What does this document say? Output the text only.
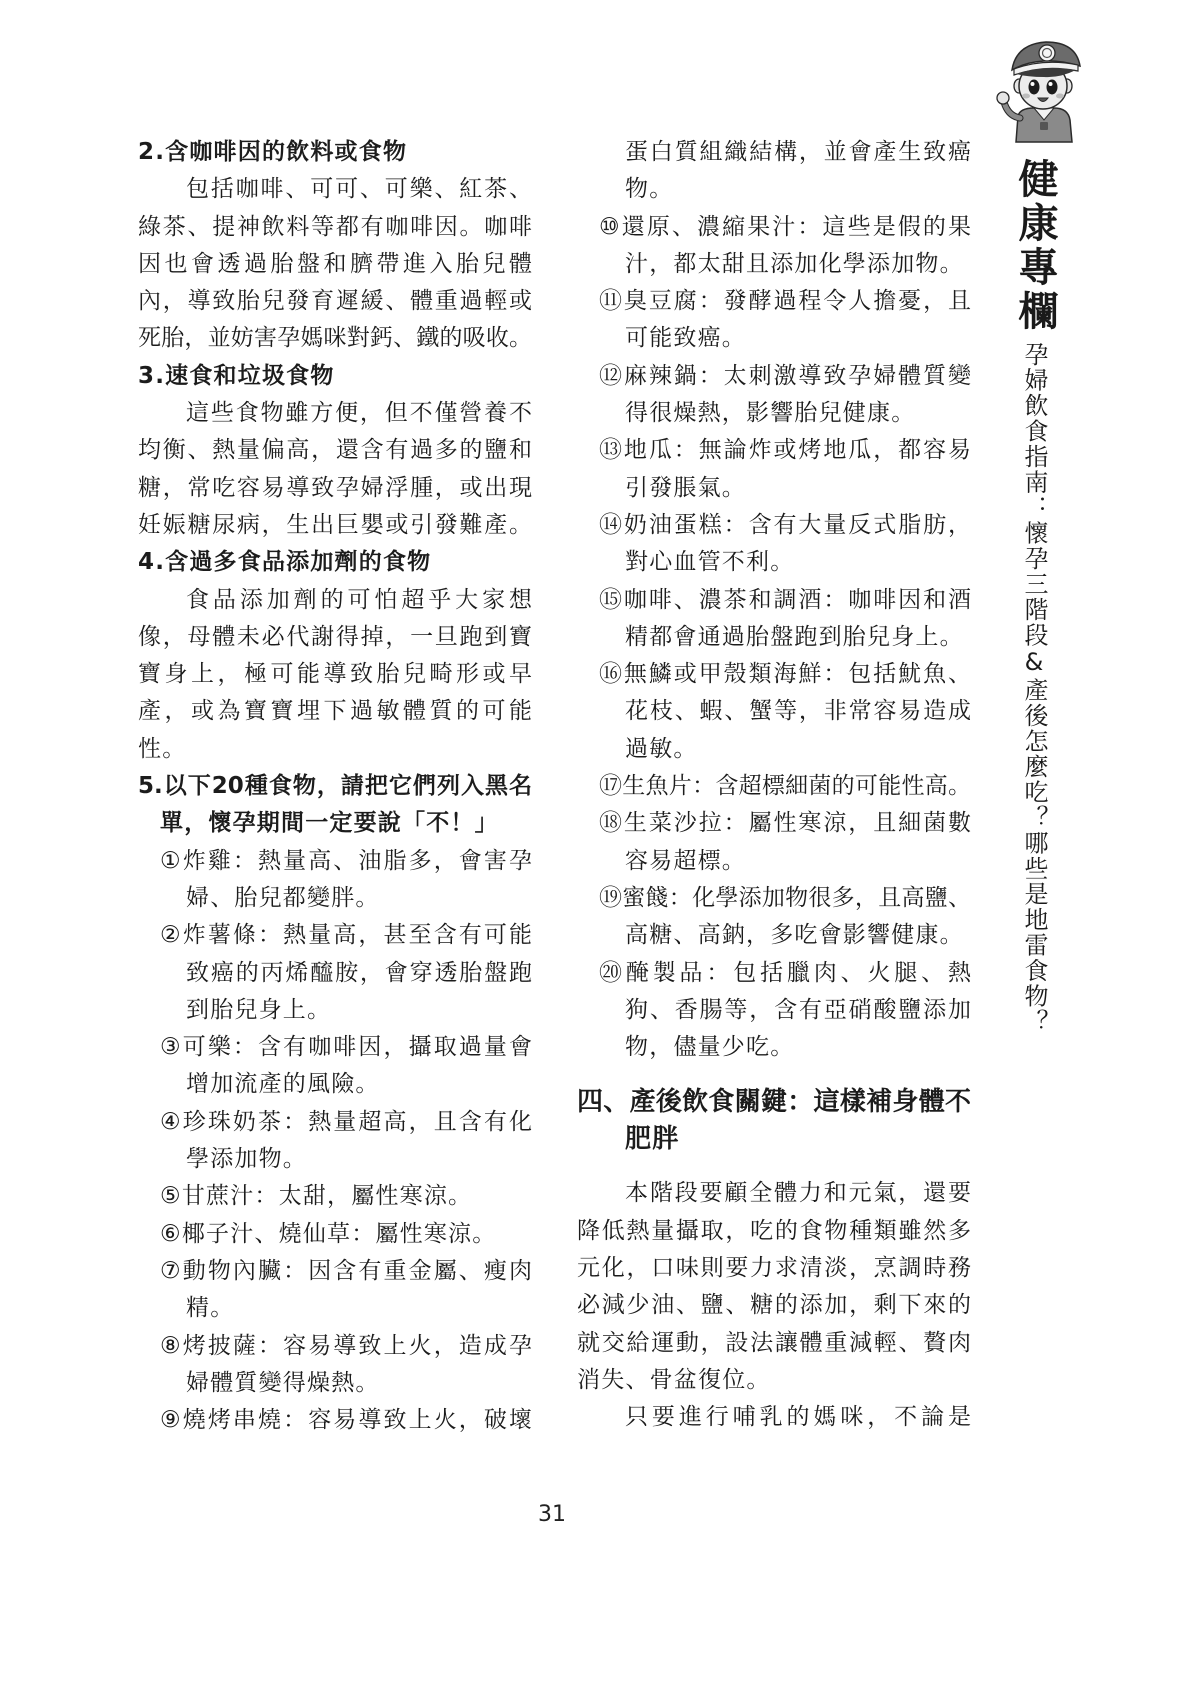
2.含咖啡因的飲料或食物
包括咖啡、可可、可樂、紅茶、
綠茶、提神飲料等都有咖啡因。咖啡
因也會透過胎盤和臍帶進入胎兒體
內，導致胎兒發育遲緩、體重過輕或
死胎，並妨害孕媽咪對鈣、鐵的吸收。
3.速食和垃圾食物
這些食物雖方便，但不僅營養不
均衡、熱量偏高，還含有過多的鹽和
糖，常吃容易導致孕婦浮腫，或出現
妊娠糖尿病，生出巨嬰或引發難產。
4.含過多食品添加劑的食物
食品添加劑的可怕超乎大家想
像，母體未必代謝得掉，一旦跑到寶
寶身上，極可能導致胎兒畸形或早
產，或為寶寶埋下過敏體質的可能
性。
5.以下20種食物，請把它們列入黑名
單，懷孕期間一定要說「不！」
①炸雞：熱量高、油脂多，會害孕
婦、胎兒都變胖。
②炸薯條：熱量高，甚至含有可能
致癌的丙烯醯胺，會穿透胎盤跑
到胎兒身上。
③可樂：含有咖啡因，攝取過量會
增加流產的風險。
④珍珠奶茶：熱量超高，且含有化
學添加物。
⑤甘蔗汁：太甜，屬性寒涼。
⑥椰子汁、燒仙草：屬性寒涼。
⑦動物內臟：因含有重金屬、瘦肉
精。
⑧烤披薩：容易導致上火，造成孕
婦體質變得燥熱。
⑨燒烤串燒：容易導致上火，破壞
蛋白質組織結構，並會產生致癌
物。
⑩還原、濃縮果汁：這些是假的果
汁，都太甜且添加化學添加物。
⑪臭豆腐：發酵過程令人擔憂，且
可能致癌。
⑫麻辣鍋：太刺激導致孕婦體質變
得很燥熱，影響胎兒健康。
⑬地瓜：無論炸或烤地瓜，都容易
引發脹氣。
⑭奶油蛋糕：含有大量反式脂肪，
對心血管不利。
⑮咖啡、濃茶和調酒：咖啡因和酒
精都會通過胎盤跑到胎兒身上。
⑯無鱗或甲殼類海鮮：包括魷魚、
花枝、蝦、蟹等，非常容易造成
過敏。
⑰生魚片：含超標細菌的可能性高。
⑱生菜沙拉：屬性寒涼，且細菌數
容易超標。
⑲蜜餞：化學添加物很多，且高鹽、
高糖、高鈉，多吃會影響健康。
⑳醃製品：包括臘肉、火腿、熱
狗、香腸等，含有亞硝酸鹽添加
物，儘量少吃。
四、產後飲食關鍵：這樣補身體不
肥胖
本階段要顧全體力和元氣，還要
降低熱量攝取，吃的食物種類雖然多
元化，口味則要力求清淡，烹調時務
必減少油、鹽、糖的添加，剩下來的
就交給運動，設法讓體重減輕、贅肉
消失、骨盆復位。
只要進行哺乳的媽咪，不論是
健康專欄
孕婦飲食指南：懷孕三階段&產後怎麼吃？哪些是地雷食物？
31
